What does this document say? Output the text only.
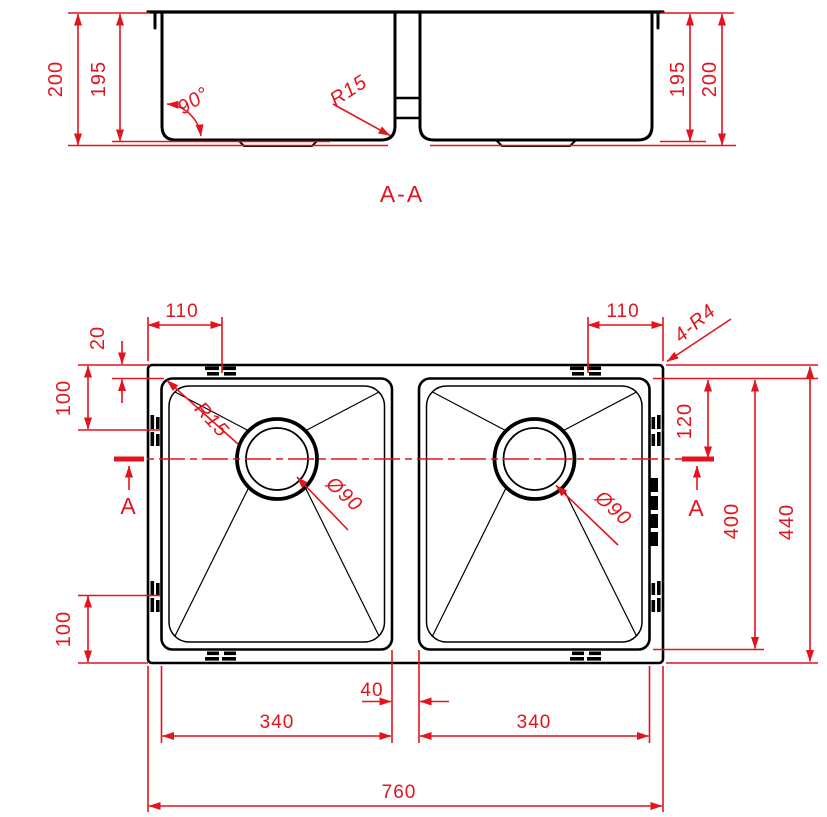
200 195	195 200
90°	R15
A-A
A	A
110	110 4-R4
20
100
100
120
400 440
40
340	340
760
R15
Ø90	Ø90
